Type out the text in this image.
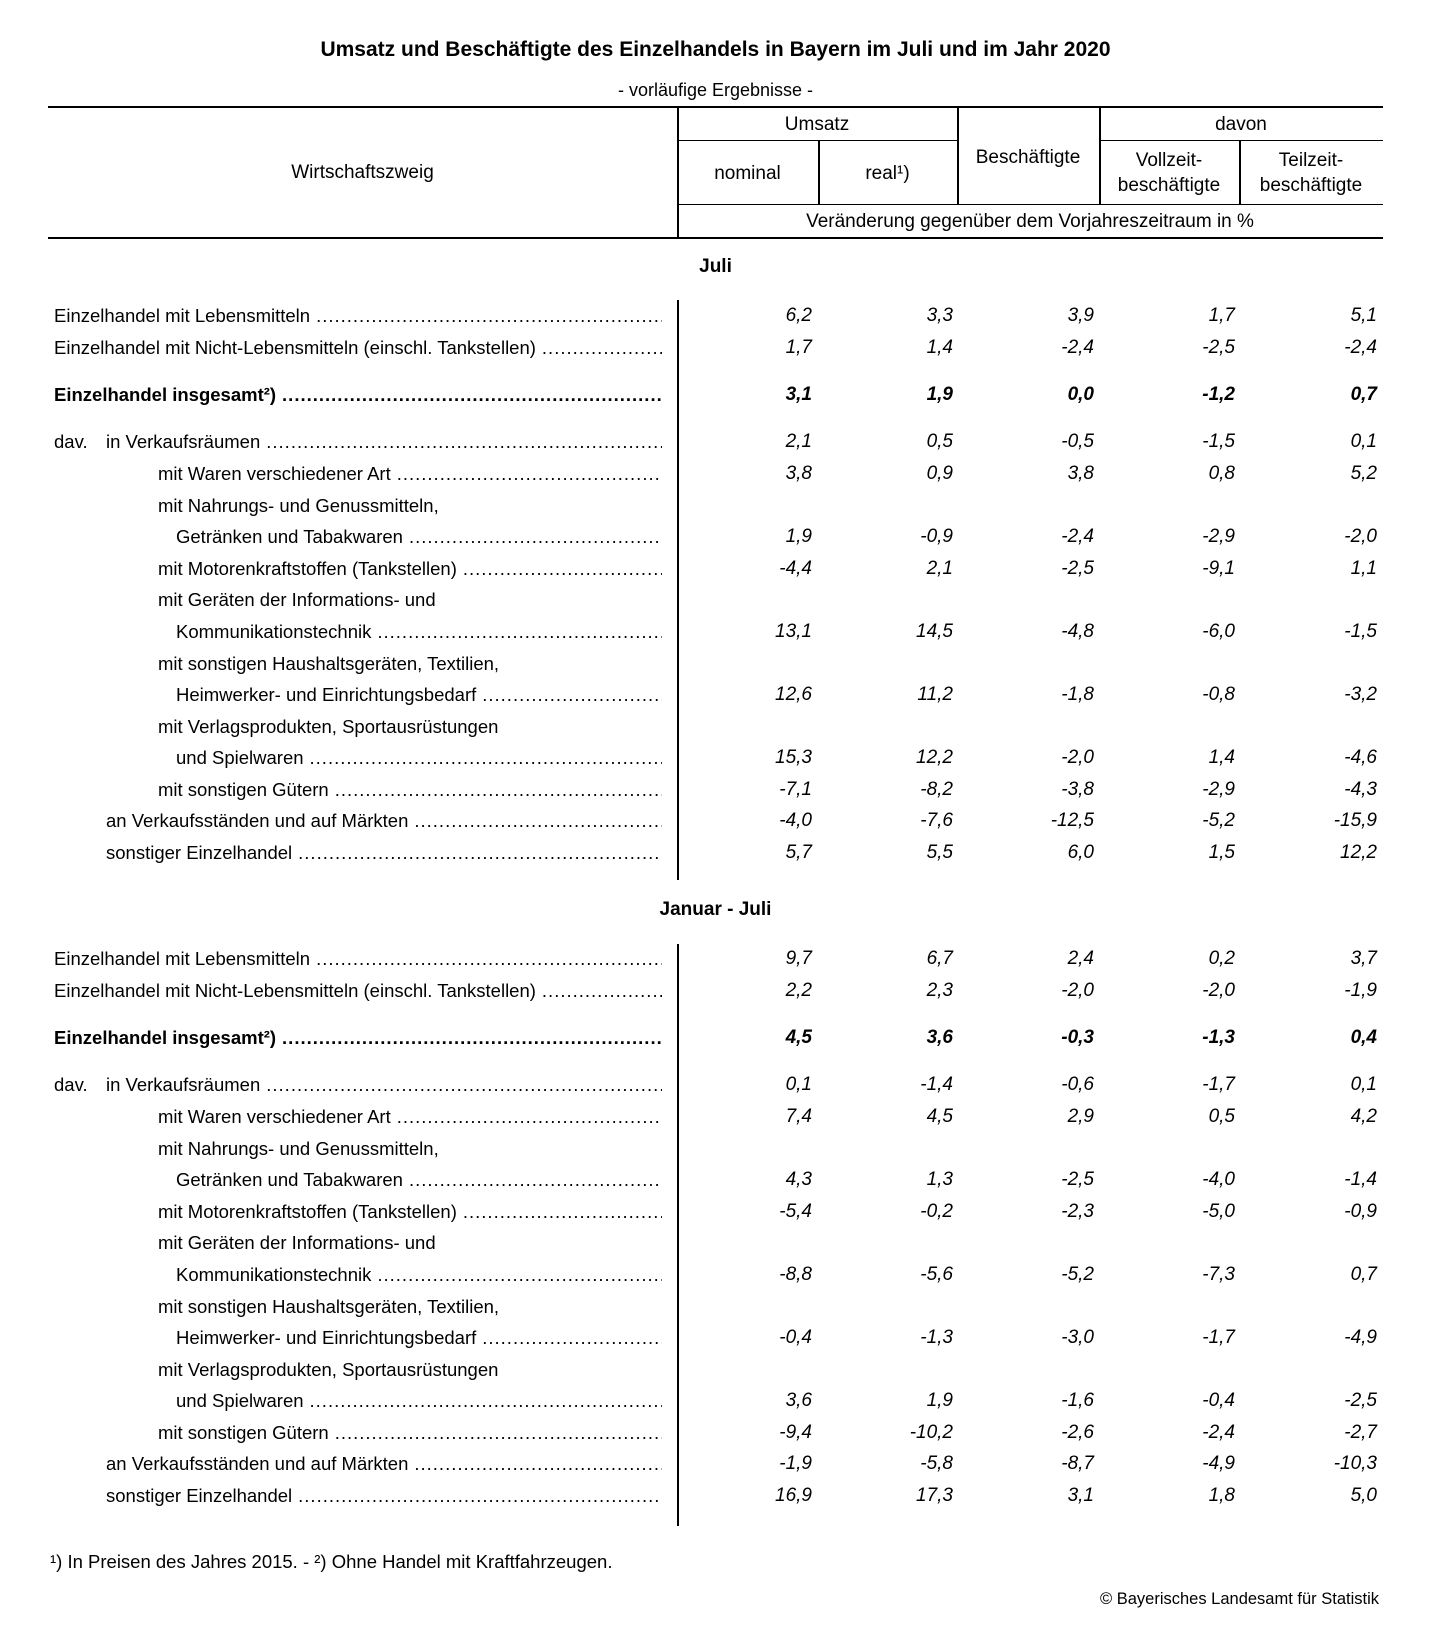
Umsatz und Beschäftigte des Einzelhandels in Bayern im Juli und im Jahr 2020
- vorläufige Ergebnisse -
Wirtschaftszweig
Umsatz
nominal	real¹)
Beschäftigte
davon
Vollzeit-
beschäftigte
Teilzeit-
beschäftigte
Veränderung gegenüber dem Vorjahreszeitraum in %
Juli
Einzelhandel mit Lebensmitteln .....	6,2	3,3	3,9	1,7	5,1
Einzelhandel mit Nicht-Lebensmitteln (einschl. Tankstellen) .....	1,7	1,4	-2,4	-2,5	-2,4
Einzelhandel insgesamt²) .....	3,1	1,9	0,0	-1,2	0,7
dav. in Verkaufsräumen .....	2,1	0,5	-0,5	-1,5	0,1
mit Waren verschiedener Art .....	3,8	0,9	3,8	0,8	5,2
mit Nahrungs- und Genussmitteln,
Getränken und Tabakwaren .....	1,9	-0,9	-2,4	-2,9	-2,0
mit Motorenkraftstoffen (Tankstellen) .....	-4,4	2,1	-2,5	-9,1	1,1
mit Geräten der Informations- und
Kommunikationstechnik .....	13,1	14,5	-4,8	-6,0	-1,5
mit sonstigen Haushaltsgeräten, Textilien,
Heimwerker- und Einrichtungsbedarf .....	12,6	11,2	-1,8	-0,8	-3,2
mit Verlagsprodukten, Sportausrüstungen
und Spielwaren .....	15,3	12,2	-2,0	1,4	-4,6
mit sonstigen Gütern .....	-7,1	-8,2	-3,8	-2,9	-4,3
an Verkaufsständen und auf Märkten .....	-4,0	-7,6	-12,5	-5,2	-15,9
sonstiger Einzelhandel .....	5,7	5,5	6,0	1,5	12,2
Januar - Juli
Einzelhandel mit Lebensmitteln .....	9,7	6,7	2,4	0,2	3,7
Einzelhandel mit Nicht-Lebensmitteln (einschl. Tankstellen) .....	2,2	2,3	-2,0	-2,0	-1,9
Einzelhandel insgesamt²) .....	4,5	3,6	-0,3	-1,3	0,4
dav. in Verkaufsräumen .....	0,1	-1,4	-0,6	-1,7	0,1
mit Waren verschiedener Art .....	7,4	4,5	2,9	0,5	4,2
mit Nahrungs- und Genussmitteln,
Getränken und Tabakwaren .....	4,3	1,3	-2,5	-4,0	-1,4
mit Motorenkraftstoffen (Tankstellen) .....	-5,4	-0,2	-2,3	-5,0	-0,9
mit Geräten der Informations- und
Kommunikationstechnik .....	-8,8	-5,6	-5,2	-7,3	0,7
mit sonstigen Haushaltsgeräten, Textilien,
Heimwerker- und Einrichtungsbedarf .....	-0,4	-1,3	-3,0	-1,7	-4,9
mit Verlagsprodukten, Sportausrüstungen
und Spielwaren .....	3,6	1,9	-1,6	-0,4	-2,5
mit sonstigen Gütern .....	-9,4	-10,2	-2,6	-2,4	-2,7
an Verkaufsständen und auf Märkten .....	-1,9	-5,8	-8,7	-4,9	-10,3
sonstiger Einzelhandel .....	16,9	17,3	3,1	1,8	5,0
¹) In Preisen des Jahres 2015. - ²) Ohne Handel mit Kraftfahrzeugen.
© Bayerisches Landesamt für Statistik
